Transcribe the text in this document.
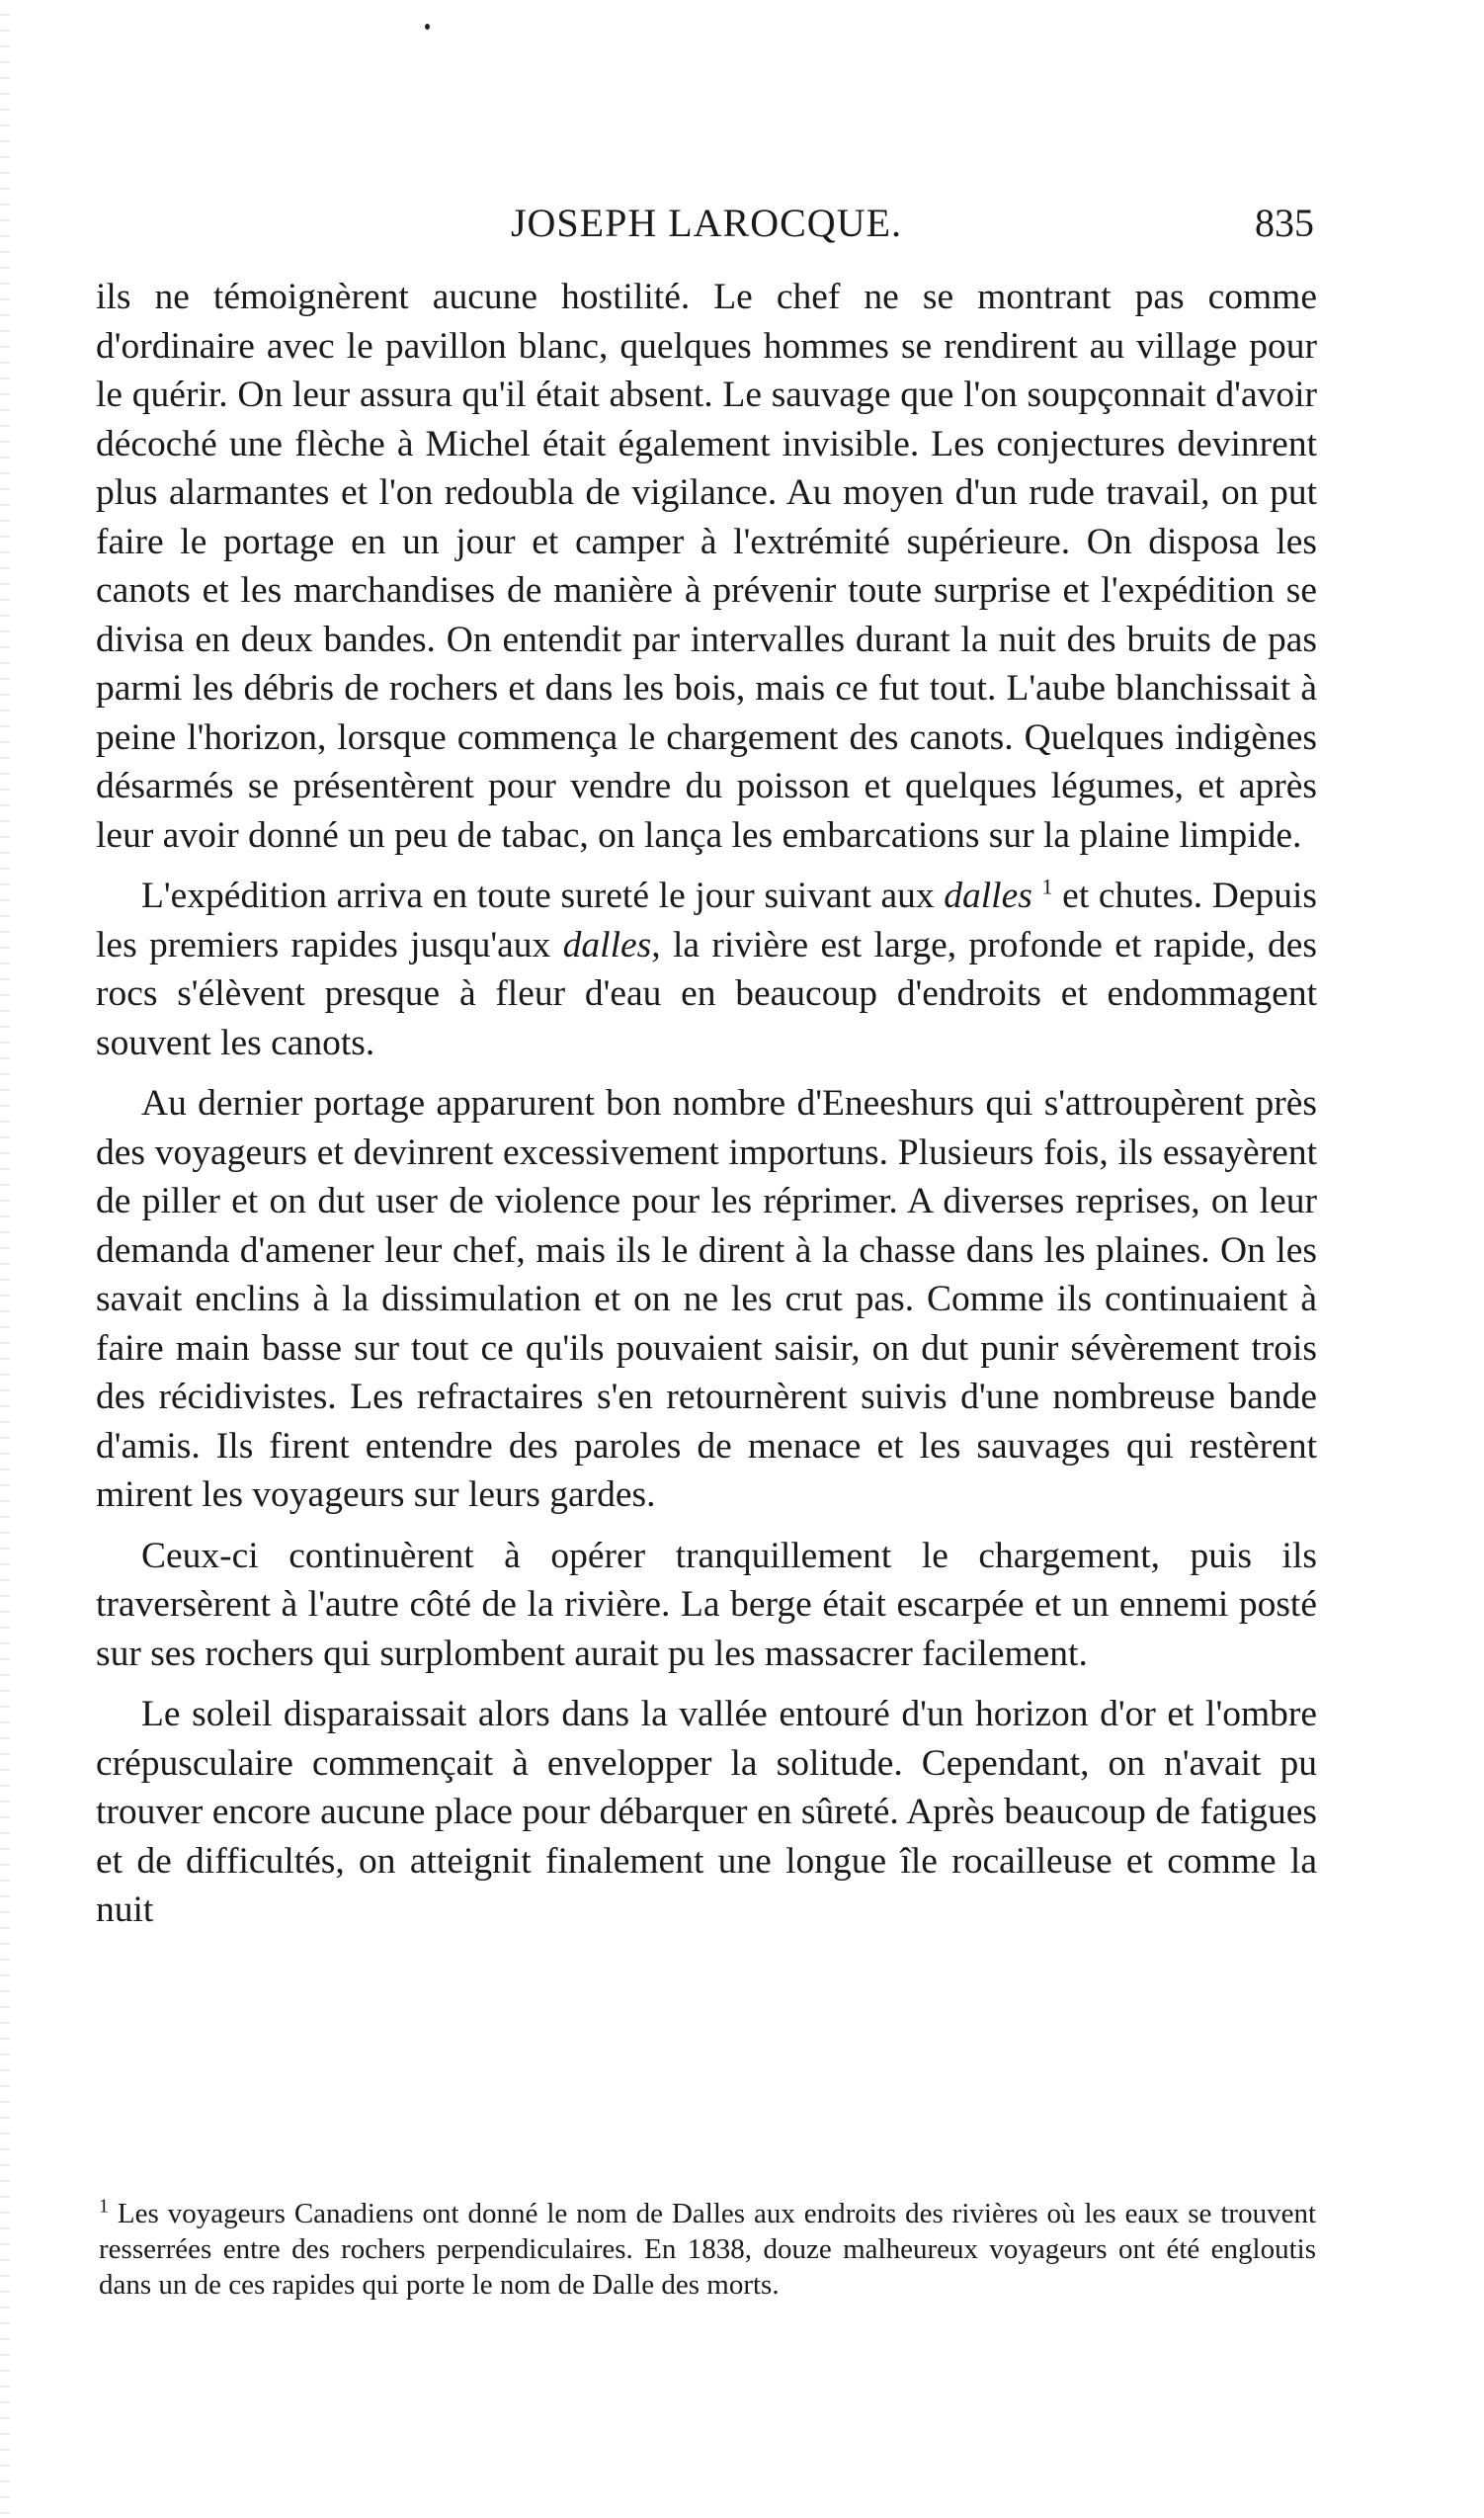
JOSEPH LAROCQUE.	835

ils ne témoignèrent aucune hostilité. Le chef ne se montrant pas comme d'ordinaire avec le pavillon blanc, quelques hommes se rendirent au village pour le quérir. On leur assura qu'il était absent. Le sauvage que l'on soupçonnait d'avoir décoché une flèche à Michel était également invisible. Les conjectures devinrent plus alarmantes et l'on redoubla de vigilance. Au moyen d'un rude travail, on put faire le portage en un jour et camper à l'extrémité supérieure. On disposa les canots et les marchandises de manière à prévenir toute surprise et l'expédition se divisa en deux bandes. On entendit par intervalles durant la nuit des bruits de pas parmi les débris de rochers et dans les bois, mais ce fut tout. L'aube blanchissait à peine l'horizon, lorsque commença le chargement des canots. Quelques indigènes désarmés se présentèrent pour vendre du poisson et quelques légumes, et après leur avoir donné un peu de tabac, on lança les embarcations sur la plaine limpide.

L'expédition arriva en toute sureté le jour suivant aux dalles $^1$ et chutes. Depuis les premiers rapides jusqu'aux dalles, la rivière est large, profonde et rapide, des rocs s'élèvent presque à fleur d'eau en beaucoup d'endroits et endommagent souvent les canots.

Au dernier portage apparurent bon nombre d'Eneeshurs qui s'attroupèrent près des voyageurs et devinrent excessivement importuns. Plusieurs fois, ils essayèrent de piller et on dut user de violence pour les réprimer. A diverses reprises, on leur demanda d'amener leur chef, mais ils le dirent à la chasse dans les plaines. On les savait enclins à la dissimulation et on ne les crut pas. Comme ils continuaient à faire main basse sur tout ce qu'ils pouvaient saisir, on dut punir sévèrement trois des récidivistes. Les refractaires s'en retournèrent suivis d'une nombreuse bande d'amis. Ils firent entendre des paroles de menace et les sauvages qui restèrent mirent les voyageurs sur leurs gardes.

Ceux-ci continuèrent à opérer tranquillement le chargement, puis ils traversèrent à l'autre côté de la rivière. La berge était escarpée et un ennemi posté sur ses rochers qui surplombent aurait pu les massacrer facilement.

Le soleil disparaissait alors dans la vallée entouré d'un horizon d'or et l'ombre crépusculaire commençait à envelopper la solitude. Cependant, on n'avait pu trouver encore aucune place pour débarquer en sûreté. Après beaucoup de fatigues et de difficultés, on atteignit finalement une longue île rocailleuse et comme la nuit

$^1$ Les voyageurs Canadiens ont donné le nom de Dalles aux endroits des rivières où les eaux se trouvent resserrées entre des rochers perpendiculaires. En 1838, douze malheureux voyageurs ont été engloutis dans un de ces rapides qui porte le nom de Dalle des morts.
